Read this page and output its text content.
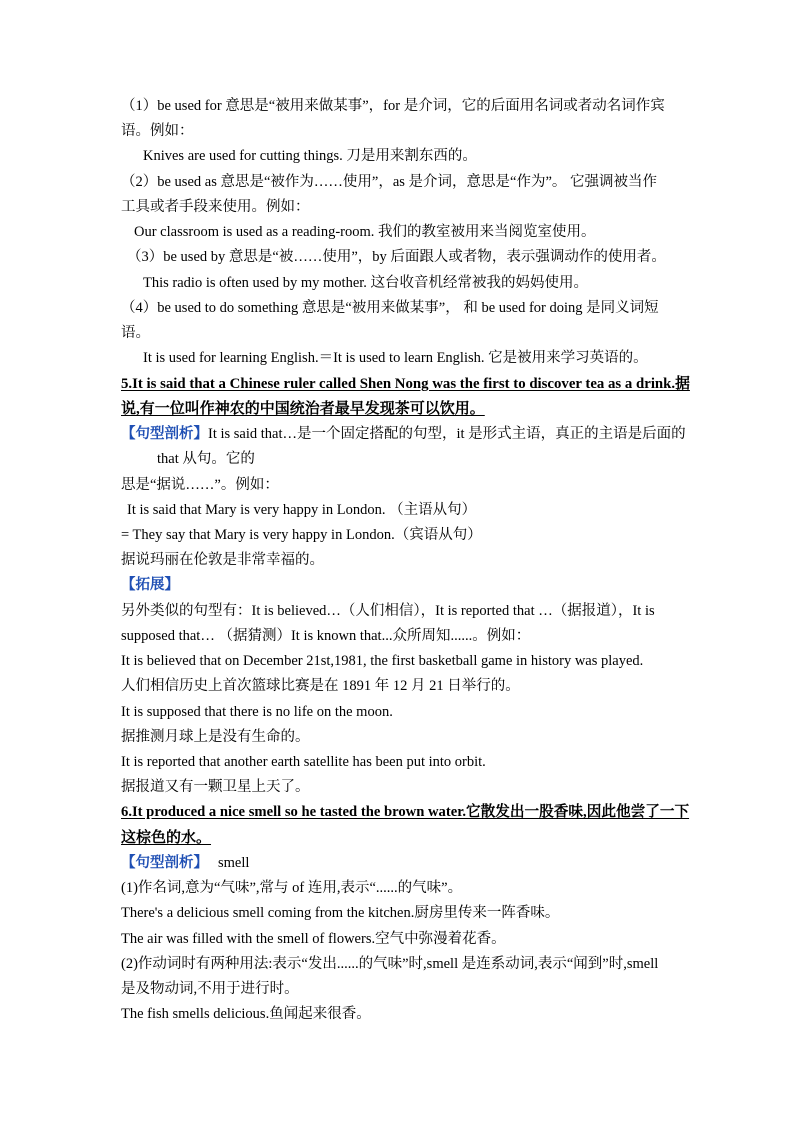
（1）be used for 意思是“被用来做某事”，for 是介词，它的后面用名词或者动名词作宾
语。例如：
Knives are used for cutting things. 刀是用来割东西的。
（2）be used as 意思是“被作为……使用”，as 是介词，意思是“作为”。 它强调被当作
工具或者手段来使用。例如：
Our classroom is used as a reading-room. 我们的教室被用来当阅览室使用。
（3）be used by 意思是“被……使用”，by 后面跟人或者物，表示强调动作的使用者。
This radio is often used by my mother. 这台收音机经常被我的妈妈使用。
（4）be used to do something 意思是“被用来做某事”， 和 be used for doing 是同义词短
语。
It is used for learning English.＝It is used to learn English. 它是被用来学习英语的。
5.It is said that a Chinese ruler called Shen Nong was the first to discover tea as a drink.据
说,有一位叫作神农的中国统治者最早发现茶可以饮用。
【句型剖析】It is said that…是一个固定搭配的句型，it 是形式主语，真正的主语是后面的
that 从句。它的
思是“据说……”。例如：
It is said that Mary is very happy in London. （主语从句）
= They say that Mary is very happy in London.（宾语从句）
据说玛丽在伦敦是非常幸福的。
【拓展】
另外类似的句型有：It is believed…（人们相信），It is reported that …（据报道），It is
supposed that… （据猜测）It is known that...众所周知......。例如：
It is believed that on December 21st,1981, the first basketball game in history was played.
人们相信历史上首次篮球比赛是在 1891 年 12 月 21 日举行的。
It is supposed that there is no life on the moon.
据推测月球上是没有生命的。
It is reported that another earth satellite has been put into orbit.
据报道又有一颗卫星上天了。
6.It produced a nice smell so he tasted the brown water.它散发出一股香味,因此他尝了一下
这棕色的水。
【句型剖析】 smell
(1)作名词,意为“气味”,常与 of 连用,表示“......的气味”。
There's a delicious smell coming from the kitchen.厨房里传来一阵香味。
The air was filled with the smell of flowers.空气中弥漫着花香。
(2)作动词时有两种用法:表示“发出......的气味”时,smell 是连系动词,表示“闻到”时,smell
是及物动词,不用于进行时。
The fish smells delicious.鱼闻起来很香。
